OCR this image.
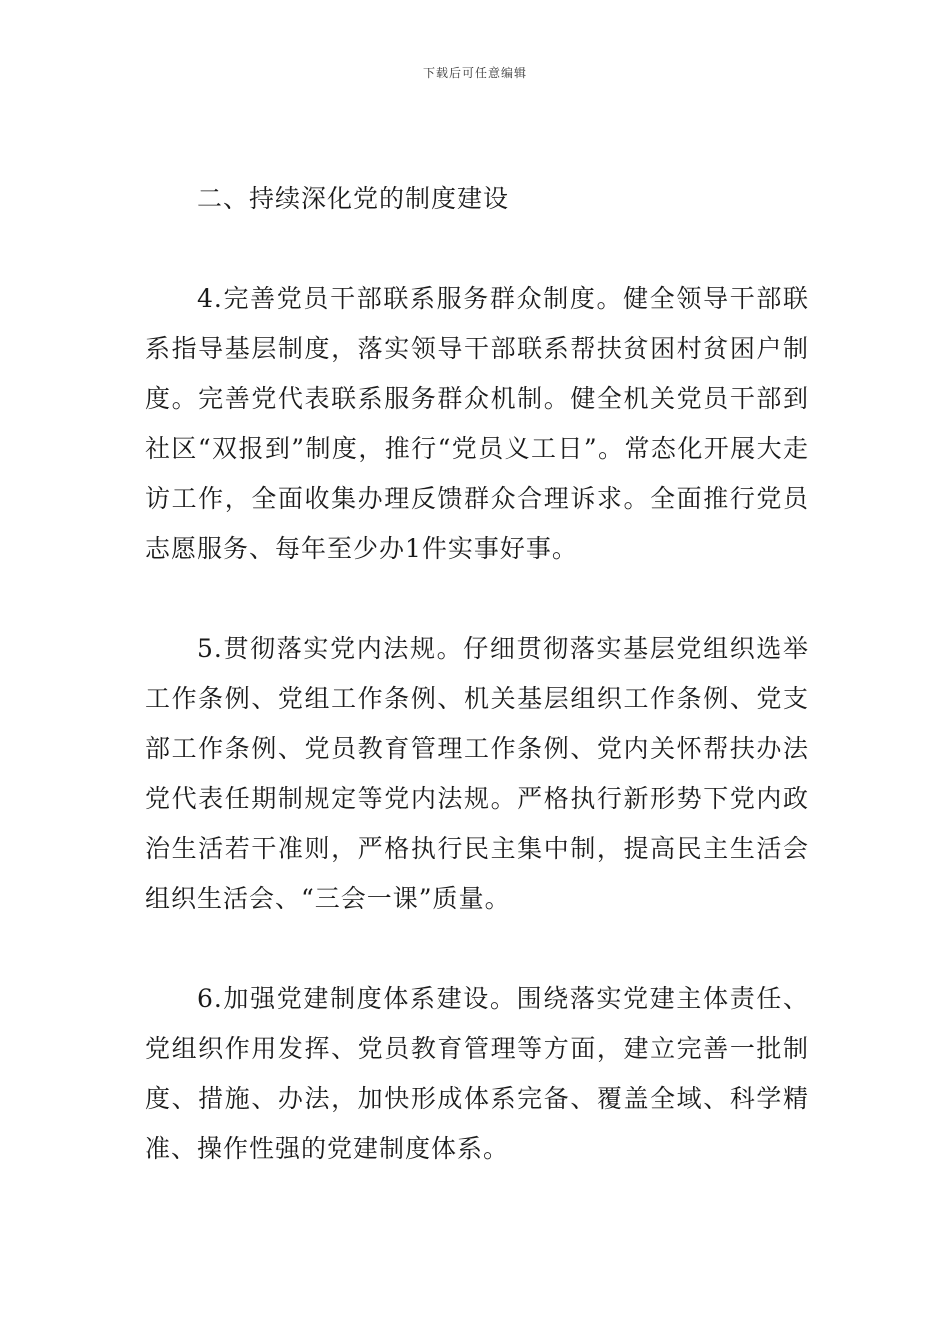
下载后可任意编辑
二、持续深化党的制度建设

4.完善党员干部联系服务群众制度。健全领导干部联系指导基层制度，落实领导干部联系帮扶贫困村贫困户制度。完善党代表联系服务群众机制。健全机关党员干部到社区“双报到”制度，推行“党员义工日”。常态化开展大走访工作，全面收集办理反馈群众合理诉求。全面推行党员志愿服务、每年至少办1件实事好事。

5.贯彻落实党内法规。仔细贯彻落实基层党组织选举工作条例、党组工作条例、机关基层组织工作条例、党支部工作条例、党员教育管理工作条例、党内关怀帮扶办法党代表任期制规定等党内法规。严格执行新形势下党内政治生活若干准则，严格执行民主集中制，提高民主生活会组织生活会、“三会一课”质量。

6.加强党建制度体系建设。围绕落实党建主体责任、党组织作用发挥、党员教育管理等方面，建立完善一批制度、措施、办法，加快形成体系完备、覆盖全域、科学精准、操作性强的党建制度体系。
